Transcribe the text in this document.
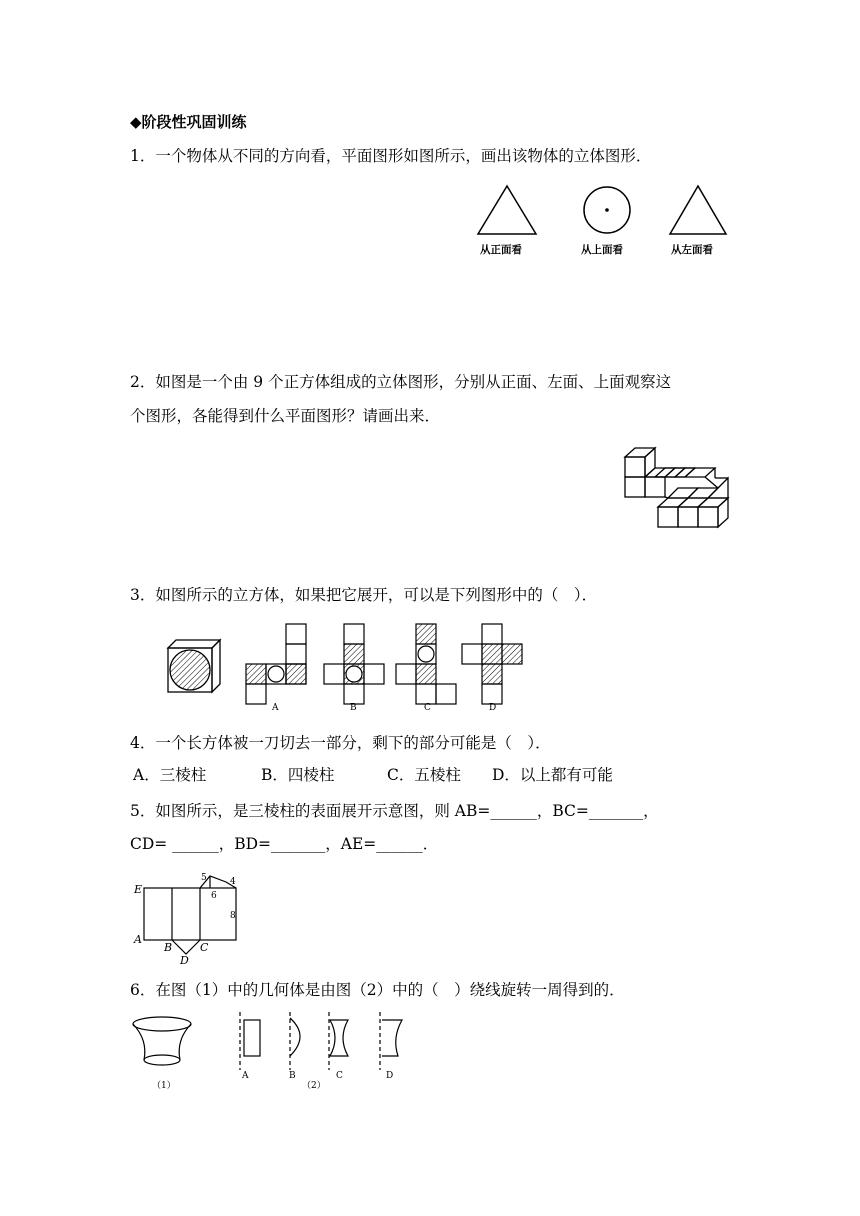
◆阶段性巩固训练
1．一个物体从不同的方向看，平面图形如图所示，画出该物体的立体图形．
从正面看	从上面看	从左面看
2．如图是一个由 9 个正方体组成的立体图形，分别从正面、左面、上面观察这
个图形，各能得到什么平面图形？请画出来．
3．如图所示的立方体，如果把它展开，可以是下列图形中的（　）．
A	B	C	D
4．一个长方体被一刀切去一部分，剩下的部分可能是（　）．
A．三棱柱	B．四棱柱	C．五棱柱 D．以上都有可能
5．如图所示，是三棱柱的表面展开示意图，则 AB=______，BC=_______，
CD= ______，BD=_______，AE=______．
E
A
B	C
D
5	4
6
8
6．在图（1）中的几何体是由图（2）中的（　）绕线旋转一周得到的．
（1）
A	B	C	D
（2）
